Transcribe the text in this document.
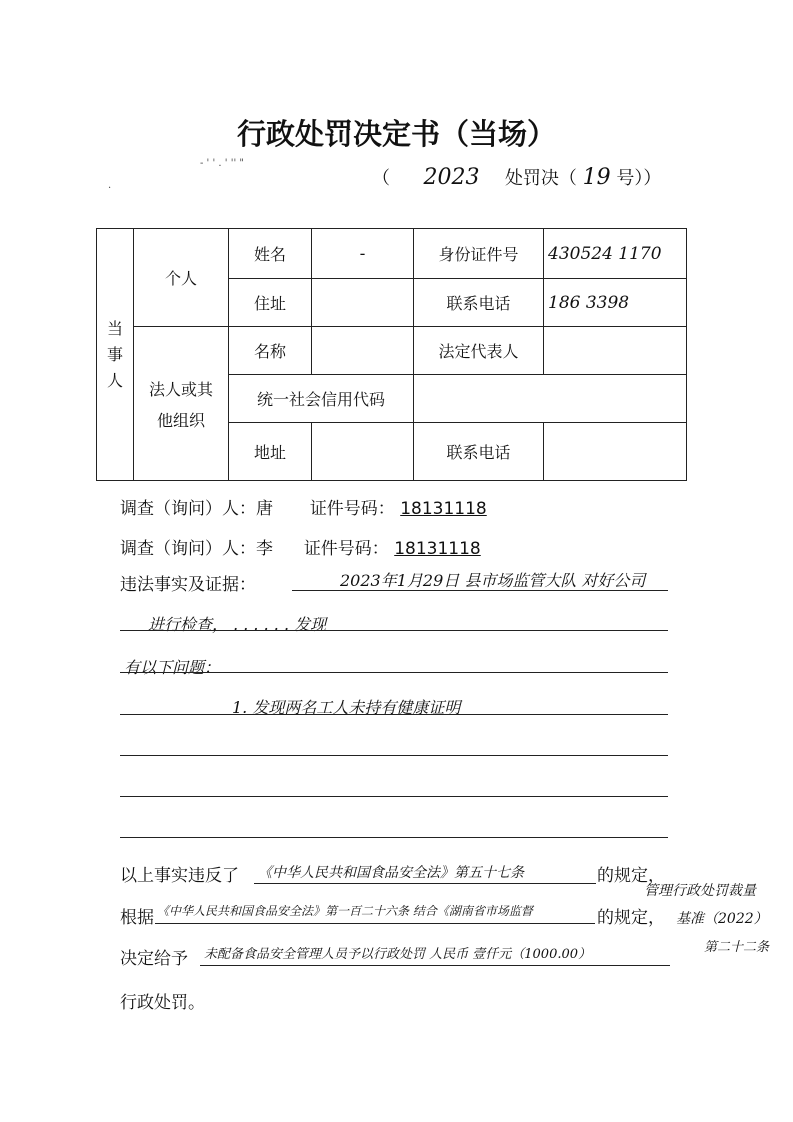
行政处罚决定书（当场）
- ' ' . ' '' "
.	（ 2023 处罚决（ 19 号））
当事人	个人	姓名	-	身份证件号	430524 1170
		住址		联系电话	186 3398

	法人或其
他组织	名称		法定代表人	
		统一社会信用代码			
		地址		联系电话	
调查（询问）人：唐 证件号码： 18131118
调查（询问）人：李 证件号码： 18131118
违法事实及证据：	2023年1月29日 县市场监管大队 对好公司
进行检查， . . . . . . 发现
有以下问题：
1. 发现两名工人未持有健康证明
以上事实违反了 《中华人民共和国食品安全法》第五十七条	的规定，
根据 《中华人民共和国食品安全法》第一百二十六条 结合《湖南省市场监督	的规定，
管理行政处罚裁量
基准（2022）
第二十二条
决定给予 未配备食品安全管理人员予以行政处罚 人民币 壹仟元（1000.00）
行政处罚。
